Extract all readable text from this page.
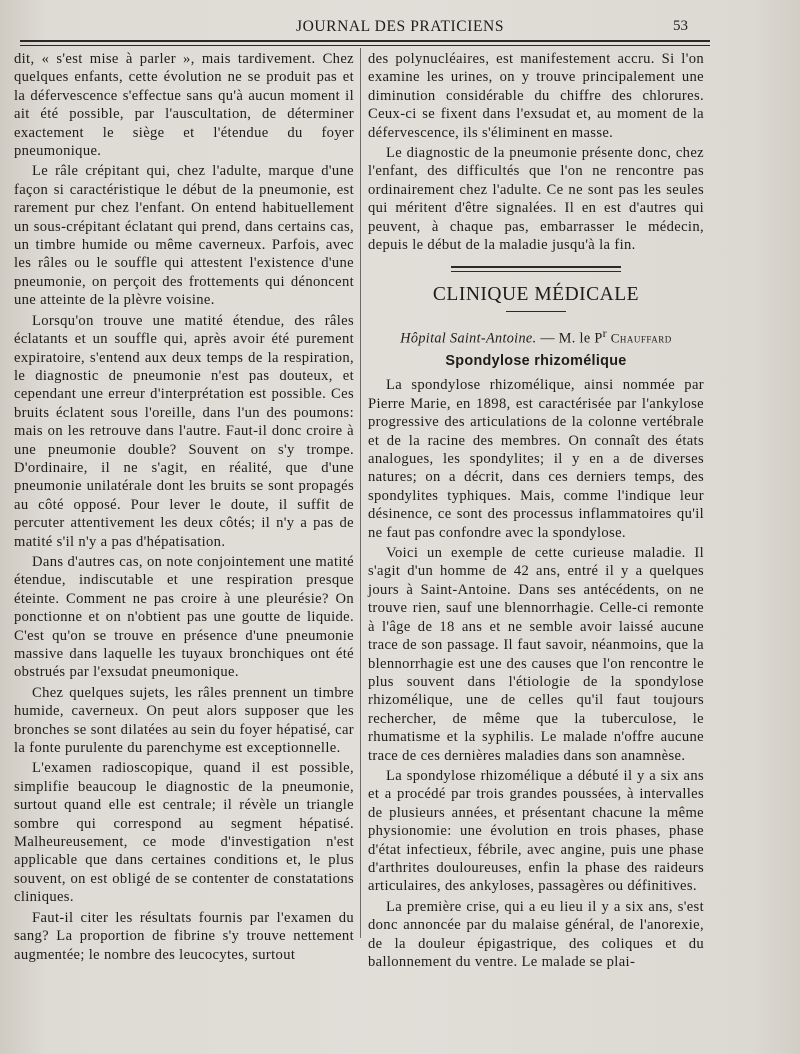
JOURNAL DES PRATICIENS	53

dit, « s'est mise à parler », mais tardivement. Chez quelques enfants, cette évolution ne se produit pas et la défervescence s'effectue sans qu'à aucun moment il ait été possible, par l'auscultation, de déterminer exactement le siège et l'étendue du foyer pneumonique.

Le râle crépitant qui, chez l'adulte, marque d'une façon si caractéristique le début de la pneumonie, est rarement pur chez l'enfant. On entend habituellement un sous-crépitant éclatant qui prend, dans certains cas, un timbre humide ou même caverneux. Parfois, avec les râles ou le souffle qui attestent l'existence d'une pneumonie, on perçoit des frottements qui dénoncent une atteinte de la plèvre voisine.

Lorsqu'on trouve une matité étendue, des râles éclatants et un souffle qui, après avoir été purement expiratoire, s'entend aux deux temps de la respiration, le diagnostic de pneumonie n'est pas douteux, et cependant une erreur d'interprétation est possible. Ces bruits éclatent sous l'oreille, dans l'un des poumons: mais on les retrouve dans l'autre. Faut-il donc croire à une pneumonie double? Souvent on s'y trompe. D'ordinaire, il ne s'agit, en réalité, que d'une pneumonie unilatérale dont les bruits se sont propagés au côté opposé. Pour lever le doute, il suffit de percuter attentivement les deux côtés; il n'y a pas de matité s'il n'y a pas d'hépatisation.

Dans d'autres cas, on note conjointement une matité étendue, indiscutable et une respiration presque éteinte. Comment ne pas croire à une pleurésie? On ponctionne et on n'obtient pas une goutte de liquide. C'est qu'on se trouve en présence d'une pneumonie massive dans laquelle les tuyaux bronchiques ont été obstrués par l'exsudat pneumonique.

Chez quelques sujets, les râles prennent un timbre humide, caverneux. On peut alors supposer que les bronches se sont dilatées au sein du foyer hépatisé, car la fonte purulente du parenchyme est exceptionnelle.

L'examen radioscopique, quand il est possible, simplifie beaucoup le diagnostic de la pneumonie, surtout quand elle est centrale; il révèle un triangle sombre qui correspond au segment hépatisé. Malheureusement, ce mode d'investigation n'est applicable que dans certaines conditions et, le plus souvent, on est obligé de se contenter de constatations cliniques.

Faut-il citer les résultats fournis par l'examen du sang? La proportion de fibrine s'y trouve nettement augmentée; le nombre des leucocytes, surtout

des polynucléaires, est manifestement accru. Si l'on examine les urines, on y trouve principalement une diminution considérable du chiffre des chlorures. Ceux-ci se fixent dans l'exsudat et, au moment de la défervescence, ils s'éliminent en masse.

Le diagnostic de la pneumonie présente donc, chez l'enfant, des difficultés que l'on ne rencontre pas ordinairement chez l'adulte. Ce ne sont pas les seules qui méritent d'être signalées. Il en est d'autres qui peuvent, à chaque pas, embarrasser le médecin, depuis le début de la maladie jusqu'à la fin.

CLINIQUE MÉDICALE
Hôpital Saint-Antoine. — M. le $P^r$ Chauffard
Spondylose rhizomélique

La spondylose rhizomélique, ainsi nommée par Pierre Marie, en 1898, est caractérisée par l'ankylose progressive des articulations de la colonne vertébrale et de la racine des membres. On connaît des états analogues, les spondylites; il y en a de diverses natures; on a décrit, dans ces derniers temps, des spondylites typhiques. Mais, comme l'indique leur désinence, ce sont des processus inflammatoires qu'il ne faut pas confondre avec la spondylose.

Voici un exemple de cette curieuse maladie. Il s'agit d'un homme de 42 ans, entré il y a quelques jours à Saint-Antoine. Dans ses antécédents, on ne trouve rien, sauf une blennorrhagie. Celle-ci remonte à l'âge de 18 ans et ne semble avoir laissé aucune trace de son passage. Il faut savoir, néanmoins, que la blennorrhagie est une des causes que l'on rencontre le plus souvent dans l'étiologie de la spondylose rhizomélique, une de celles qu'il faut toujours rechercher, de même que la tuberculose, le rhumatisme et la syphilis. Le malade n'offre aucune trace de ces dernières maladies dans son anamnèse.

La spondylose rhizomélique a débuté il y a six ans et a procédé par trois grandes poussées, à intervalles de plusieurs années, et présentant chacune la même physionomie: une évolution en trois phases, phase d'état infectieux, fébrile, avec angine, puis une phase d'arthrites douloureuses, enfin la phase des raideurs articulaires, des ankyloses, passagères ou définitives.

La première crise, qui a eu lieu il y a six ans, s'est donc annoncée par du malaise général, de l'anorexie, de la douleur épigastrique, des coliques et du ballonnement du ventre. Le malade se plai-
